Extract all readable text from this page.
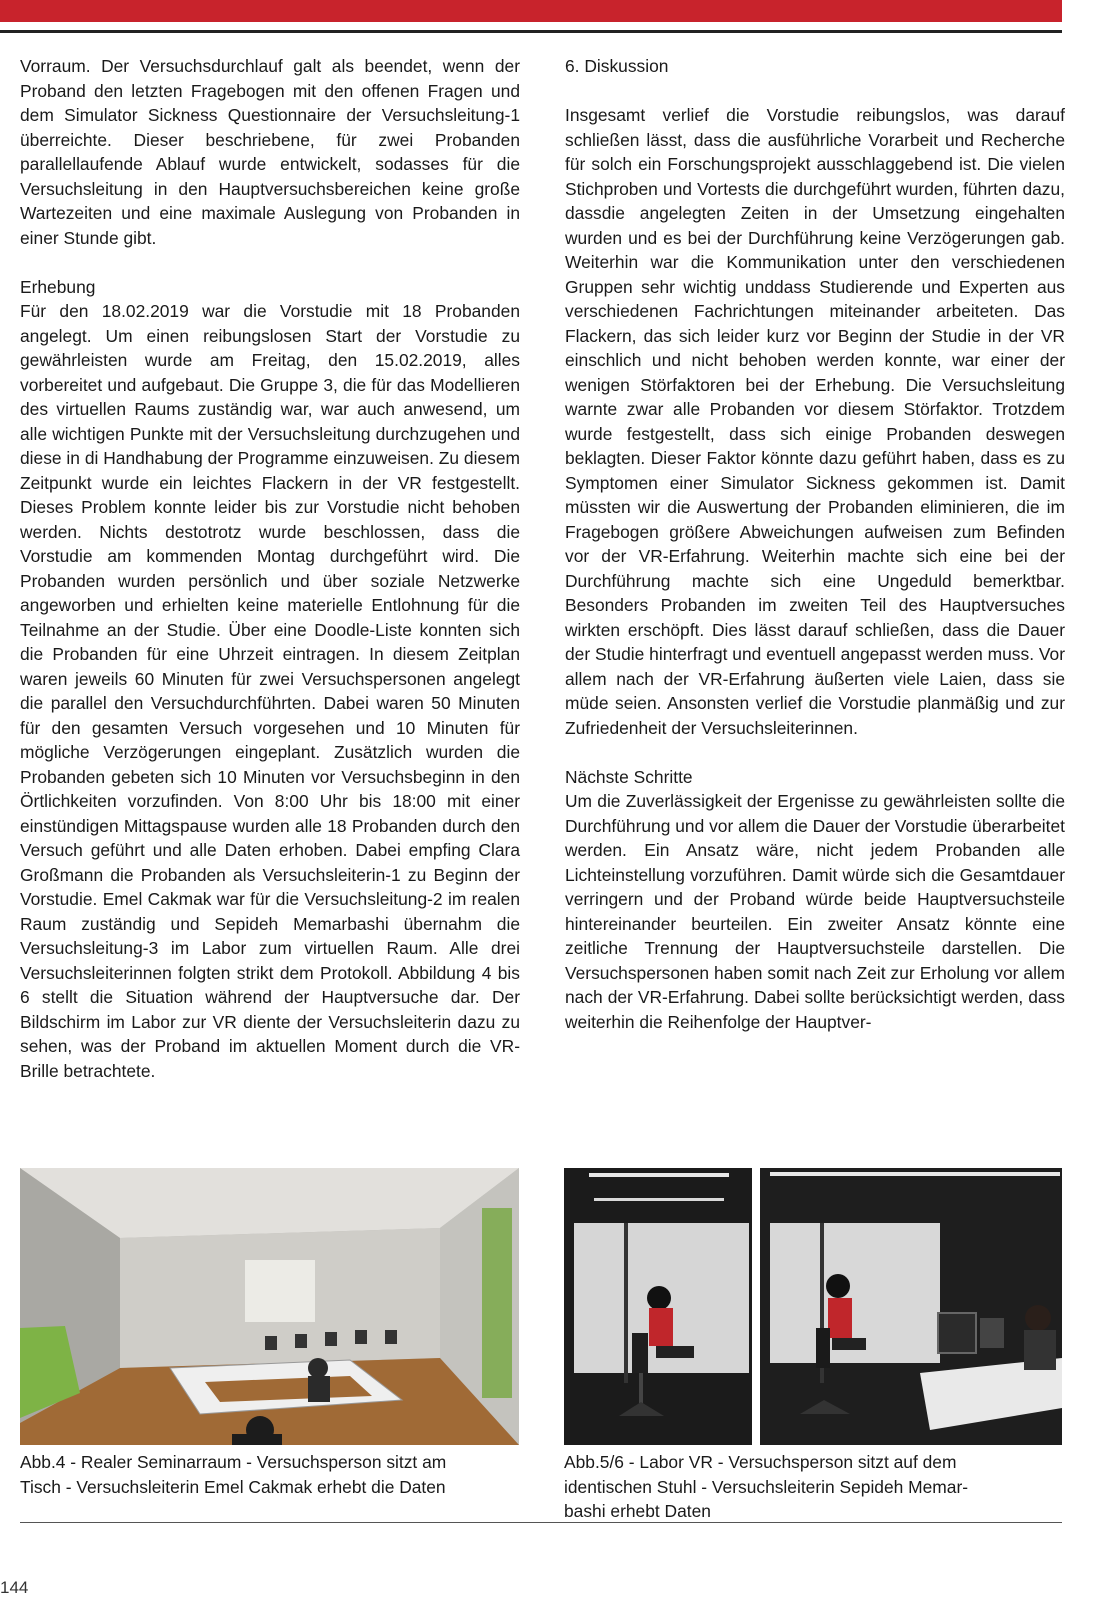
Vorraum. Der Versuchsdurchlauf galt als beendet, wenn der Proband den letzten Fragebogen mit den offenen Fragen und dem Simulator Sickness Questionnaire der Versuchsleitung-1 überreichte. Dieser beschriebene, für zwei Probanden parallellaufende Ablauf wurde entwickelt, sodasses für die Versuchsleitung in den Hauptversuchsbereichen keine große Wartezeiten und eine maximale Auslegung von Probanden in einer Stunde gibt.

Erhebung

Für den 18.02.2019 war die Vorstudie mit 18 Probanden angelegt. Um einen reibungslosen Start der Vorstudie zu gewährleisten wurde am Freitag, den 15.02.2019, alles vorbereitet und aufgebaut. Die Gruppe 3, die für das Modellieren des virtuellen Raums zuständig war, war auch anwesend, um alle wichtigen Punkte mit der Versuchsleitung durchzugehen und diese in di Handhabung der Programme einzuweisen. Zu diesem Zeitpunkt wurde ein leichtes Flackern in der VR festgestellt. Dieses Problem konnte leider bis zur Vorstudie nicht behoben werden. Nichts destotrotz wurde beschlossen, dass die Vorstudie am kommenden Montag durchgeführt wird. Die Probanden wurden persönlich und über soziale Netzwerke angeworben und erhielten keine materielle Entlohnung für die Teilnahme an der Studie. Über eine Doodle-Liste konnten sich die Probanden für eine Uhrzeit eintragen. In diesem Zeitplan waren jeweils 60 Minuten für zwei Versuchspersonen angelegt die parallel den Versuchdurchführten. Dabei waren 50 Minuten für den gesamten Versuch vorgesehen und 10 Minuten für mögliche Verzögerungen eingeplant. Zusätzlich wurden die Probanden gebeten sich 10 Minuten vor Versuchsbeginn in den Örtlichkeiten vorzufinden. Von 8:00 Uhr bis 18:00 mit einer einstündigen Mittagspause wurden alle 18 Probanden durch den Versuch geführt und alle Daten erhoben. Dabei empfing Clara Großmann die Probanden als Versuchsleiterin-1 zu Beginn der Vorstudie. Emel Cakmak war für die Versuchsleitung-2 im realen Raum zuständig und Sepideh Memarbashi übernahm die Versuchsleitung-3 im Labor zum virtuellen Raum. Alle drei Versuchsleiterinnen folgten strikt dem Protokoll. Abbildung 4 bis 6 stellt die Situation während der Hauptversuche dar. Der Bildschirm im Labor zur VR diente der Versuchsleiterin dazu zu sehen, was der Proband im aktuellen Moment durch die VR-Brille betrachtete.

6. Diskussion

Insgesamt verlief die Vorstudie reibungslos, was darauf schließen lässt, dass die ausführliche Vorarbeit und Recherche für solch ein Forschungsprojekt ausschlaggebend ist. Die vielen Stichproben und Vortests die durchgeführt wurden, führten dazu, dassdie angelegten Zeiten in der Umsetzung eingehalten wurden und es bei der Durchführung keine Verzögerungen gab. Weiterhin war die Kommunikation unter den verschiedenen Gruppen sehr wichtig unddass Studierende und Experten aus verschiedenen Fachrichtungen miteinander arbeiteten. Das Flackern, das sich leider kurz vor Beginn der Studie in der VR einschlich und nicht behoben werden konnte, war einer der wenigen Störfaktoren bei der Erhebung. Die Versuchsleitung warnte zwar alle Probanden vor diesem Störfaktor. Trotzdem wurde festgestellt, dass sich einige Probanden deswegen beklagten. Dieser Faktor könnte dazu geführt haben, dass es zu Symptomen einer Simulator Sickness gekommen ist. Damit müssten wir die Auswertung der Probanden eliminieren, die im Fragebogen größere Abweichungen aufweisen zum Befinden vor der VR-Erfahrung. Weiterhin machte sich eine bei der Durchführung machte sich eine Ungeduld bemerktbar. Besonders Probanden im zweiten Teil des Hauptversuches wirkten erschöpft. Dies lässt darauf schließen, dass die Dauer der Studie hinterfragt und eventuell angepasst werden muss. Vor allem nach der VR-Erfahrung äußerten viele Laien, dass sie müde seien. Ansonsten verlief die Vorstudie planmäßig und zur Zufriedenheit der Versuchsleiterinnen.

Nächste Schritte

Um die Zuverlässigkeit der Ergenisse zu gewährleisten sollte die Durchführung und vor allem die Dauer der Vorstudie überarbeitet werden. Ein Ansatz wäre, nicht jedem Probanden alle Lichteinstellung vorzuführen. Damit würde sich die Gesamtdauer verringern und der Proband würde beide Hauptversuchsteile hintereinander beurteilen. Ein zweiter Ansatz könnte eine zeitliche Trennung der Hauptversuchsteile darstellen. Die Versuchspersonen haben somit nach Zeit zur Erholung vor allem nach der VR-Erfahrung. Dabei sollte berücksichtigt werden, dass weiterhin die Reihenfolge der Hauptver-

Abb.4 - Realer Seminarraum - Versuchsperson sitzt am
Tisch - Versuchsleiterin Emel Cakmak erhebt die Daten
Abb.5/6 - Labor VR - Versuchsperson sitzt auf dem
identischen Stuhl - Versuchsleiterin Sepideh Memar-
bashi erhebt Daten
144
